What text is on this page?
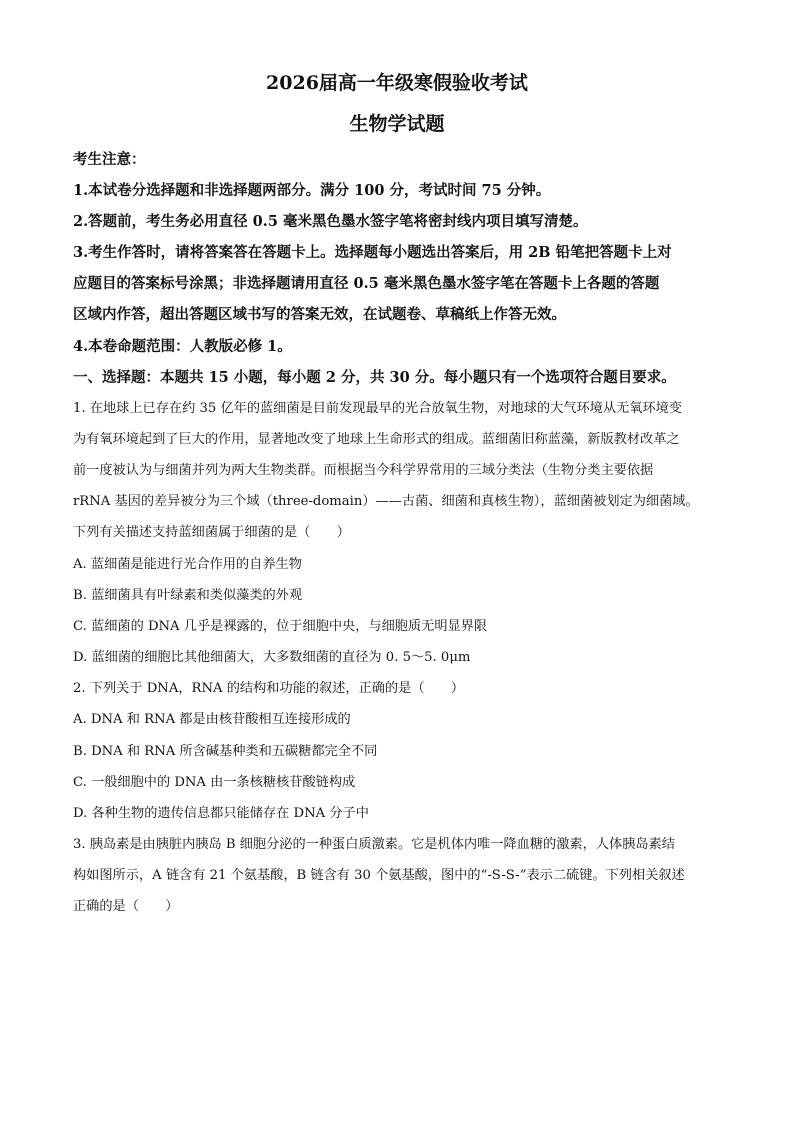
2026届高一年级寒假验收考试
生物学试题
考生注意：
1.本试卷分选择题和非选择题两部分。满分 100 分，考试时间 75 分钟。
2.答题前，考生务必用直径 0.5 毫米黑色墨水签字笔将密封线内项目填写清楚。
3.考生作答时，请将答案答在答题卡上。选择题每小题选出答案后，用 2B 铅笔把答题卡上对
应题目的答案标号涂黑；非选择题请用直径 0.5 毫米黑色墨水签字笔在答题卡上各题的答题
区域内作答，超出答题区域书写的答案无效，在试题卷、草稿纸上作答无效。
4.本卷命题范围：人教版必修 1。
一、选择题：本题共 15 小题，每小题 2 分，共 30 分。每小题只有一个选项符合题目要求。
1. 在地球上已存在约 35 亿年的蓝细菌是目前发现最早的光合放氧生物，对地球的大气环境从无氧环境变
为有氧环境起到了巨大的作用，显著地改变了地球上生命形式的组成。蓝细菌旧称蓝藻，新版教材改革之
前一度被认为与细菌并列为两大生物类群。而根据当今科学界常用的三域分类法（生物分类主要依据
rRNA 基因的差异被分为三个域（three-domain）——古菌、细菌和真核生物），蓝细菌被划定为细菌域。
下列有关描述支持蓝细菌属于细菌的是（　　）
A. 蓝细菌是能进行光合作用的自养生物
B. 蓝细菌具有叶绿素和类似藻类的外观
C. 蓝细菌的 DNA 几乎是裸露的，位于细胞中央，与细胞质无明显界限
D. 蓝细菌的细胞比其他细菌大，大多数细菌的直径为 0. 5～5. 0μm
2. 下列关于 DNA，RNA 的结构和功能的叙述，正确的是（　　）
A. DNA 和 RNA 都是由核苷酸相互连接形成的
B. DNA 和 RNA 所含碱基种类和五碳糖都完全不同
C. 一般细胞中的 DNA 由一条核糖核苷酸链构成
D. 各种生物的遗传信息都只能储存在 DNA 分子中
3. 胰岛素是由胰脏内胰岛 B 细胞分泌的一种蛋白质激素。它是机体内唯一降血糖的激素，人体胰岛素结
构如图所示，A 链含有 21 个氨基酸，B 链含有 30 个氨基酸，图中的“-S-S-”表示二硫键。下列相关叙述
正确的是（　　）
